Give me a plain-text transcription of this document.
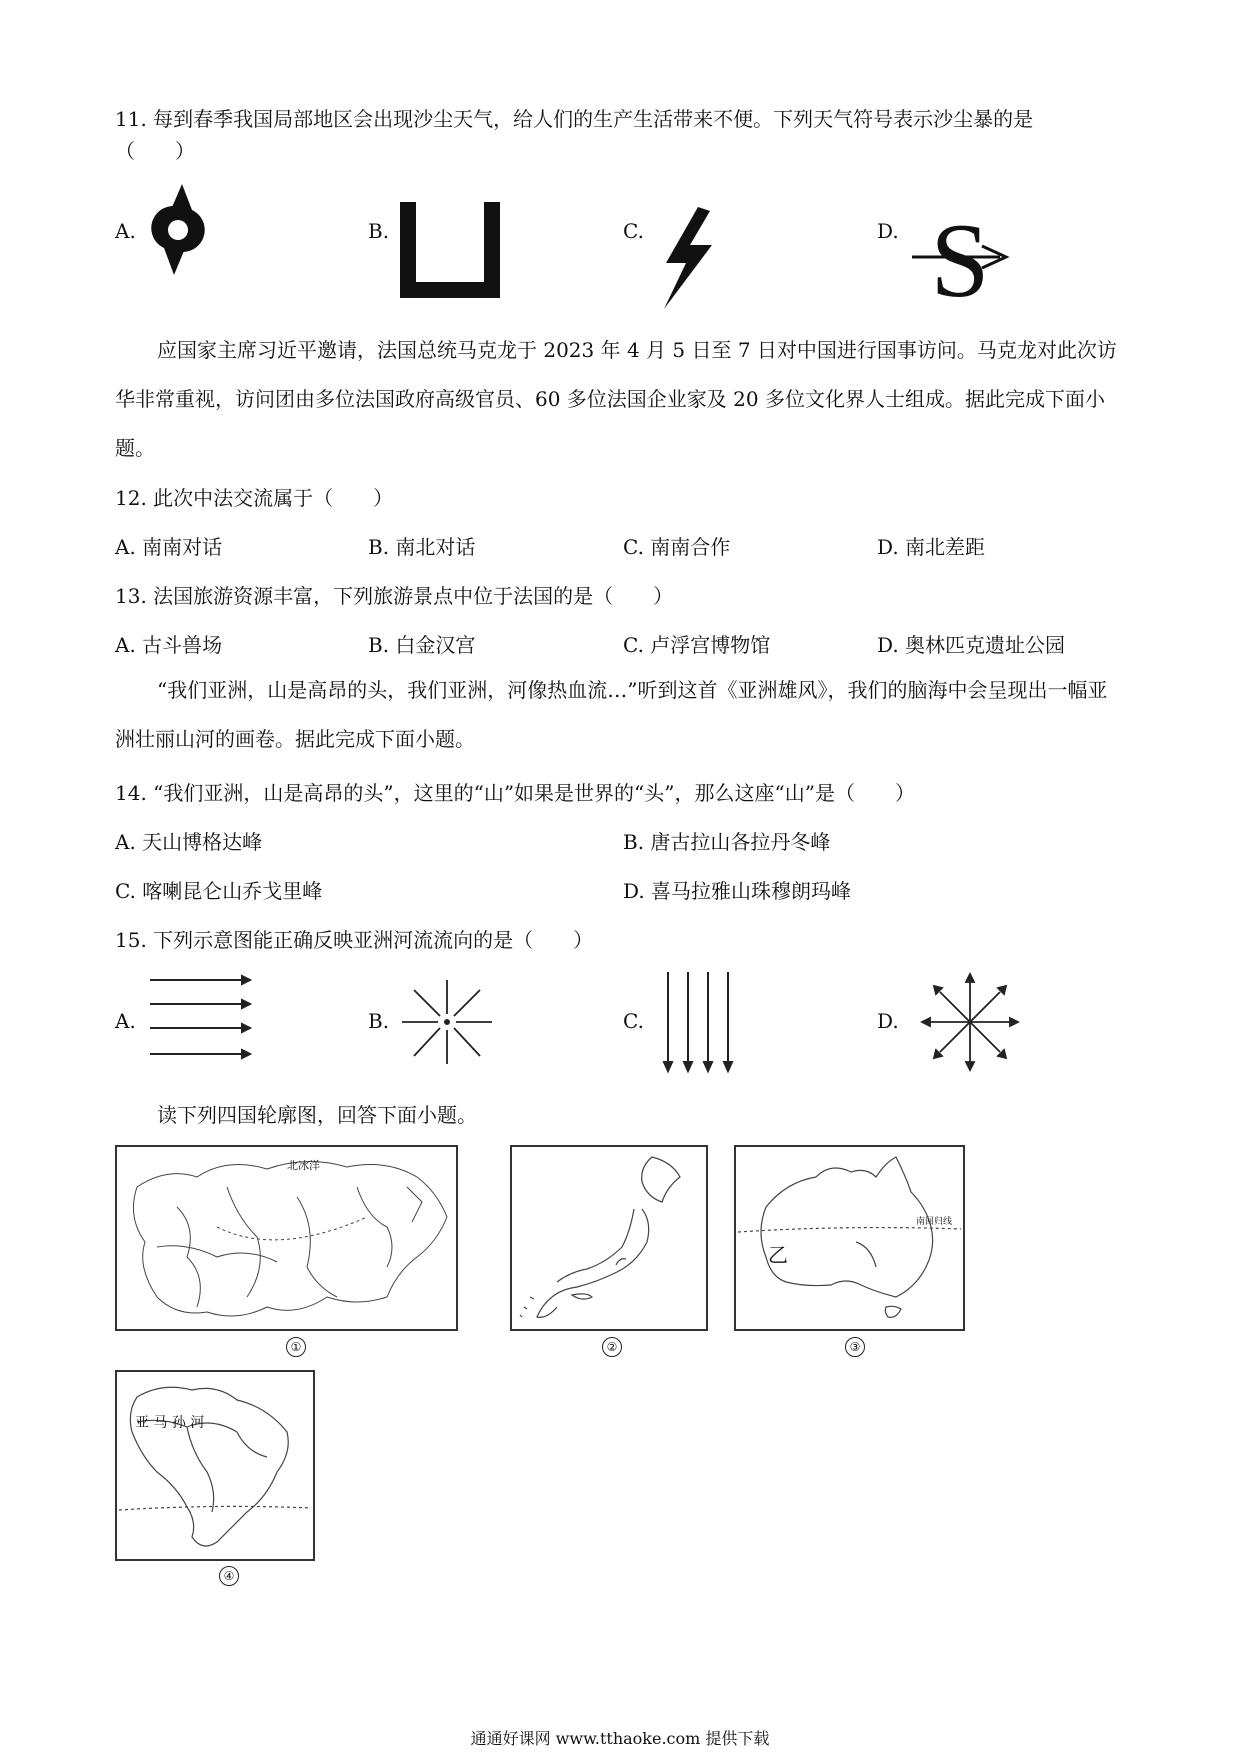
11. 每到春季我国局部地区会出现沙尘天气，给人们的生产生活带来不便。下列天气符号表示沙尘暴的是
（　　）
A.	B.	C.	D. S
应国家主席习近平邀请，法国总统马克龙于 2023 年 4 月 5 日至 7 日对中国进行国事访问。马克龙对此次访华非常重视，访问团由多位法国政府高级官员、60 多位法国企业家及 20 多位文化界人士组成。据此完成下面小题。
12. 此次中法交流属于（　　）
A. 南南对话	B. 南北对话	C. 南南合作	D. 南北差距
13. 法国旅游资源丰富，下列旅游景点中位于法国的是（　　）
A. 古斗兽场	B. 白金汉宫	C. 卢浮宫博物馆	D. 奥林匹克遗址公园
“我们亚洲，山是高昂的头，我们亚洲，河像热血流…”听到这首《亚洲雄风》，我们的脑海中会呈现出一幅亚洲壮丽山河的画卷。据此完成下面小题。
14. “我们亚洲，山是高昂的头”，这里的“山”如果是世界的“头”，那么这座“山”是（　　）
A. 天山博格达峰	B. 唐古拉山各拉丹冬峰
C. 喀喇昆仑山乔戈里峰	D. 喜马拉雅山珠穆朗玛峰
15. 下列示意图能正确反映亚洲河流流向的是（　　）
A.	B.	C.	D.
读下列四国轮廓图，回答下面小题。
北冰洋
①	②
南回归线
乙
③
亚 马 孙 河
④
通通好课网 www.tthaoke.com 提供下载
